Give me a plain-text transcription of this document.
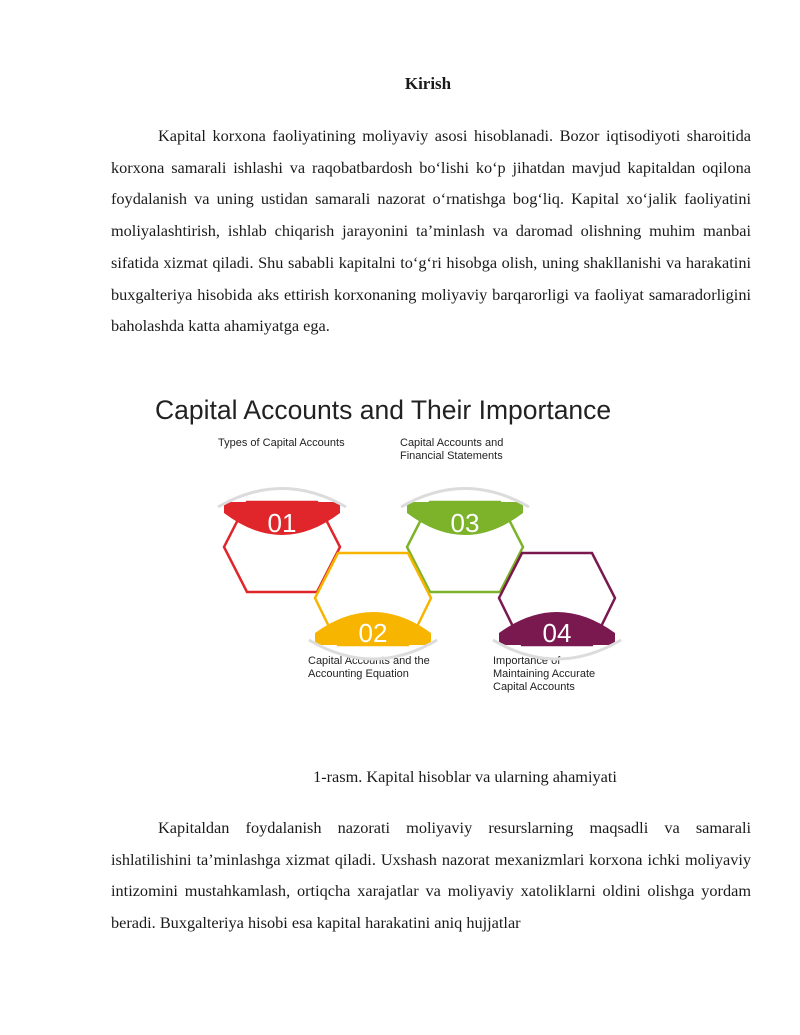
Kirish

Kapital korxona faoliyatining moliyaviy asosi hisoblanadi. Bozor iqtisodiyoti sharoitida korxona samarali ishlashi va raqobatbardosh bo‘lishi ko‘p jihatdan mavjud kapitaldan oqilona foydalanish va uning ustidan samarali nazorat o‘rnatishga bog‘liq. Kapital xo‘jalik faoliyatini moliyalashtirish, ishlab chiqarish jarayonini ta’minlash va daromad olishning muhim manbai sifatida xizmat qiladi. Shu sababli kapitalni to‘g‘ri hisobga olish, uning shakllanishi va harakatini buxgalteriya hisobida aks ettirish korxonaning moliyaviy barqarorligi va faoliyat samaradorligini baholashda katta ahamiyatga ega.

Capital Accounts and Their Importance
Types of Capital Accounts	Capital Accounts and
Financial Statements
Capital Accounts and the
Accounting Equation
Importance of
Maintaining Accurate
Capital Accounts
01	03
02	04
1-rasm. Kapital hisoblar va ularning ahamiyati

Kapitaldan foydalanish nazorati moliyaviy resurslarning maqsadli va samarali ishlatilishini ta’minlashga xizmat qiladi. Uxshash nazorat mexanizmlari korxona ichki moliyaviy intizomini mustahkamlash, ortiqcha xarajatlar va moliyaviy xatoliklarni oldini olishga yordam beradi. Buxgalteriya hisobi esa kapital harakatini aniq hujjatlar
